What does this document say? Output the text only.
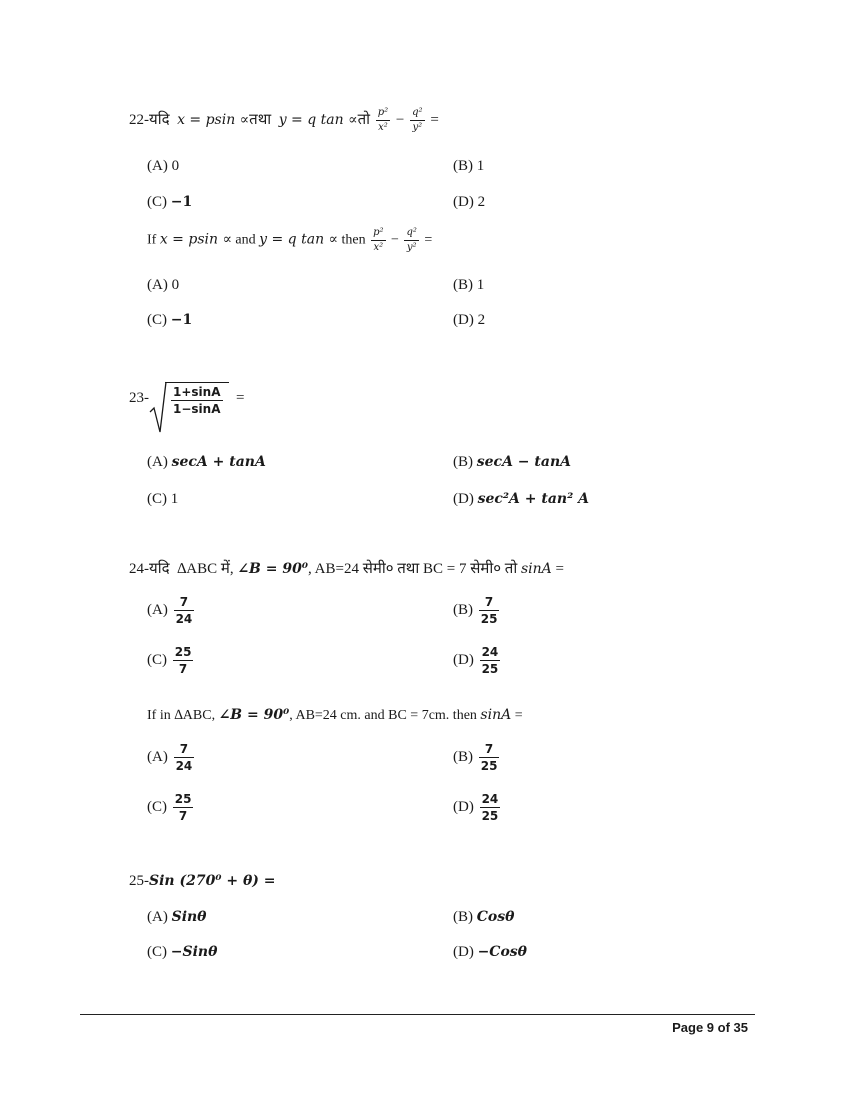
22-यदि x = psin ∝तथा y = q tan ∝तो $\frac{\text{p²}}{\text{x²}} - \frac{\text{q²}}{\text{y²}}$ =
(A) 0	(B) 1
(C) −1	(D) 2
If x = psin ∝ and y = q tan ∝ then $\frac{\text{p²}}{\text{x²}} - \frac{\text{q²}}{\text{y²}}$ =
(A) 0	(B) 1
(C) −1	(D) 2
$23- \frac{1+\sin A}{1-\sin A}$ =
(A) secA + tanA	(B) secA − tanA
(C) 1	(D) sec²A + tan² A
24-यदि ∆ABC में, ∠B = 90⁰, AB=24 सेमी० तथा BC = 7 सेमी० तो sinA =
$(A) \frac{7}{24}$	$(B) \frac{7}{25}$
$(C) \frac{25}{7}$	$(D) \frac{24}{25}$
If in ∆ABC, ∠B = 90⁰, AB=24 cm. and BC = 7cm. then sinA =
$(A) \frac{7}{24}$	$(B) \frac{7}{25}$
$(C) \frac{25}{7}$	$(D) \frac{24}{25}$
25-Sin (270⁰ + θ) =
(A) Sinθ	(B) Cosθ
(C) −Sinθ	(D) −Cosθ
Page 9 of 35
